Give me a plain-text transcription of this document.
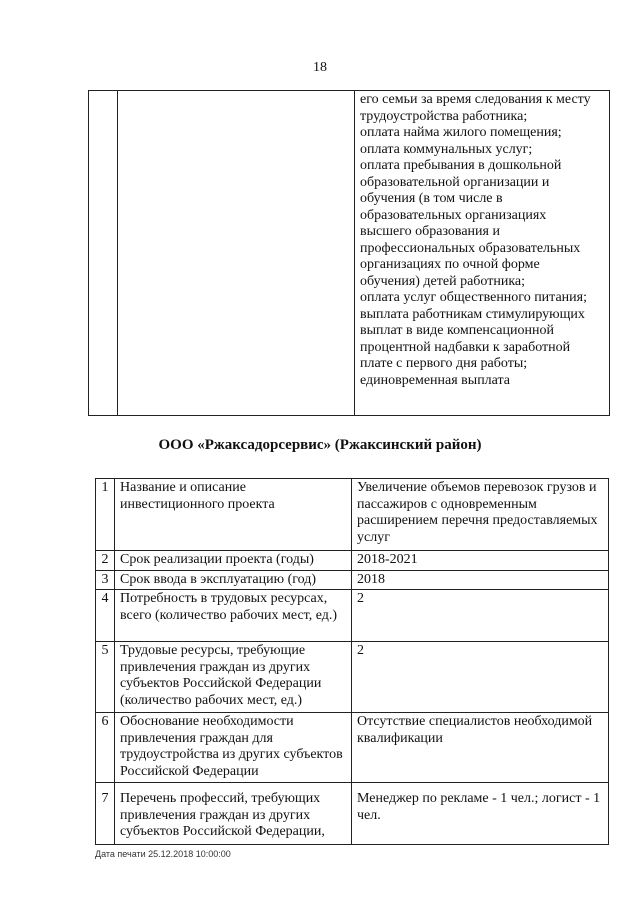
18

его семьи за время следования к месту
трудоустройства работника;
оплата найма жилого помещения;
оплата коммунальных услуг;
оплата пребывания в дошкольной
образовательной организации и
обучения (в том числе в
образовательных организациях
высшего образования и
профессиональных образовательных
организациях по очной форме
обучения) детей работника;
оплата услуг общественного питания;
выплата работникам стимулирующих
выплат в виде компенсационной
процентной надбавки к заработной
плате с первого дня работы;
единовременная выплата
ООО «Ржаксадорсервис» (Ржаксинский район)
1	Название и описание инвестиционного проекта	Увеличение объемов перевозок грузов и пассажиров с одновременным расширением перечня предоставляемых услуг
2	Срок реализации проекта (годы)	2018-2021
3	Срок ввода в эксплуатацию (год)	2018
4	Потребность в трудовых ресурсах, всего (количество рабочих мест, ед.)	2
5	Трудовые ресурсы, требующие привлечения граждан из других субъектов Российской Федерации (количество рабочих мест, ед.)	2
6	Обоснование необходимости привлечения граждан для трудоустройства из других субъектов Российской Федерации	Отсутствие специалистов необходимой квалификации
7	Перечень профессий, требующих привлечения граждан из других субъектов Российской Федерации,	Менеджер по рекламе - 1 чел.; логист - 1 чел.
Дата печати 25.12.2018 10:00:00
